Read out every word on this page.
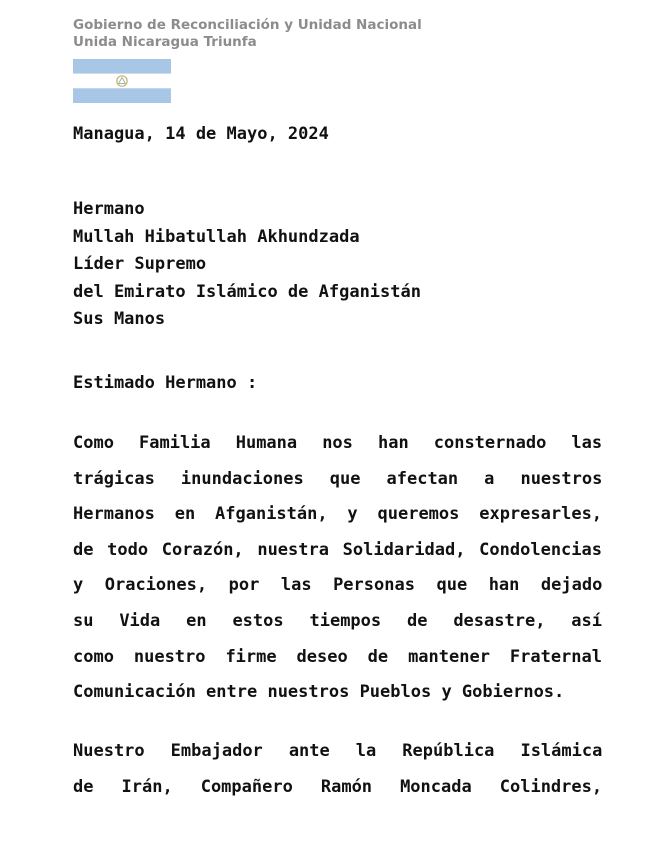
Gobierno de Reconciliación y Unidad Nacional
Unida Nicaragua Triunfa
Managua, 14 de Mayo, 2024
Hermano
Mullah Hibatullah Akhundzada
Líder Supremo
del Emirato Islámico de Afganistán
Sus Manos
Estimado Hermano :
Como Familia Humana nos han consternado las
trágicas inundaciones que afectan a nuestros
Hermanos en Afganistán, y queremos expresarles,
de todo Corazón, nuestra Solidaridad, Condolencias
y Oraciones, por las Personas que han dejado
su Vida en estos tiempos de desastre, así
como nuestro firme deseo de mantener Fraternal
Comunicación entre nuestros Pueblos y Gobiernos.
Nuestro Embajador ante la República Islámica
de Irán, Compañero Ramón Moncada Colindres,
